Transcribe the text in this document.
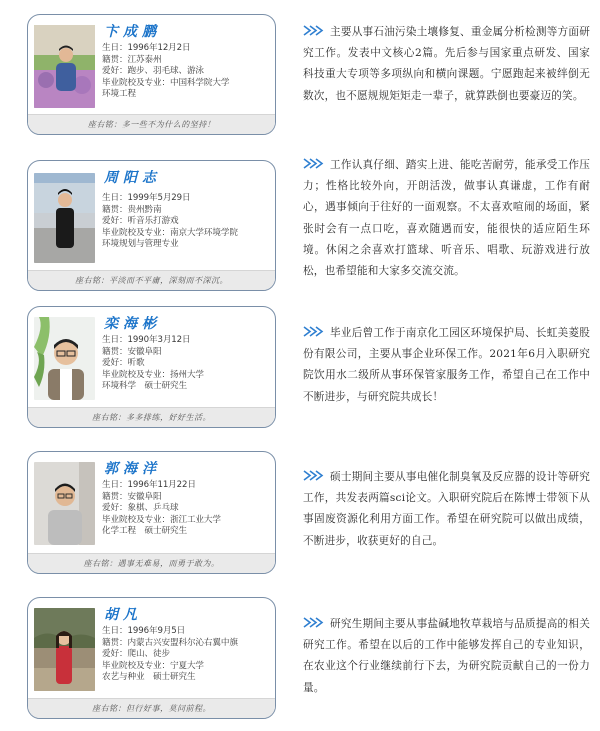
卞成鹏
生日：1996年12月2日
籍贯：江苏泰州
爱好：跑步、羽毛球、游泳
毕业院校及专业：中国科学院大学
环境工程
座右铭：多一些不为什么的坚持！
主要从事石油污染土壤修复、重金属分析检测等方面研究工作。发表中文核心2篇。先后参与国家重点研发、国家科技重大专项等多项纵向和横向课题。宁愿跑起来被绊倒无数次，也不愿规规矩矩走一辈子，就算跌倒也要豪迈的笑。
周阳志
生日：1999年5月29日
籍贯：贵州黔南
爱好：听音乐打游戏
毕业院校及专业：南京大学环境学院
环境规划与管理专业
座右铭：平淡而不平庸，深刻而不深沉。
工作认真仔细、踏实上进、能吃苦耐劳，能承受工作压力；性格比较外向，开朗活泼，做事认真谦虚，工作有耐心，遇事倾向于往好的一面观察。不太喜欢喧闹的场面，紧张时会有一点口吃，喜欢随遇而安，能很快的适应陌生环境。休闲之余喜欢打篮球、听音乐、唱歌、玩游戏进行放松，也希望能和大家多交流交流。
栾海彬
生日：1990年3月12日
籍贯：安徽阜阳
爱好：听歌
毕业院校及专业：扬州大学
环境科学　硕士研究生
座右铭：多多排练，好好生活。
毕业后曾工作于南京化工园区环境保护局、长虹美菱股份有限公司，主要从事企业环保工作。2021年6月入职研究院饮用水二级所从事环保管家服务工作，希望自己在工作中不断进步，与研究院共成长！
郭海洋
生日：1996年11月22日
籍贯：安徽阜阳
爱好：象棋、乒乓球
毕业院校及专业：浙江工业大学
化学工程　硕士研究生
座右铭：遇事无难易，而勇于敢为。
硕士期间主要从事电催化制臭氧及反应器的设计等研究工作，共发表两篇sci论文。入职研究院后在陈博士带领下从事固废资源化利用方面工作。希望在研究院可以做出成绩，不断进步，收获更好的自己。
胡凡
生日：1996年9月5日
籍贯：内蒙古兴安盟科尔沁右翼中旗
爱好：爬山、徒步
毕业院校及专业：宁夏大学
农艺与种业　硕士研究生
座右铭：但行好事，莫问前程。
研究生期间主要从事盐碱地牧草栽培与品质提高的相关研究工作。希望在以后的工作中能够发挥自己的专业知识，在农业这个行业继续前行下去，为研究院贡献自己的一份力量。
